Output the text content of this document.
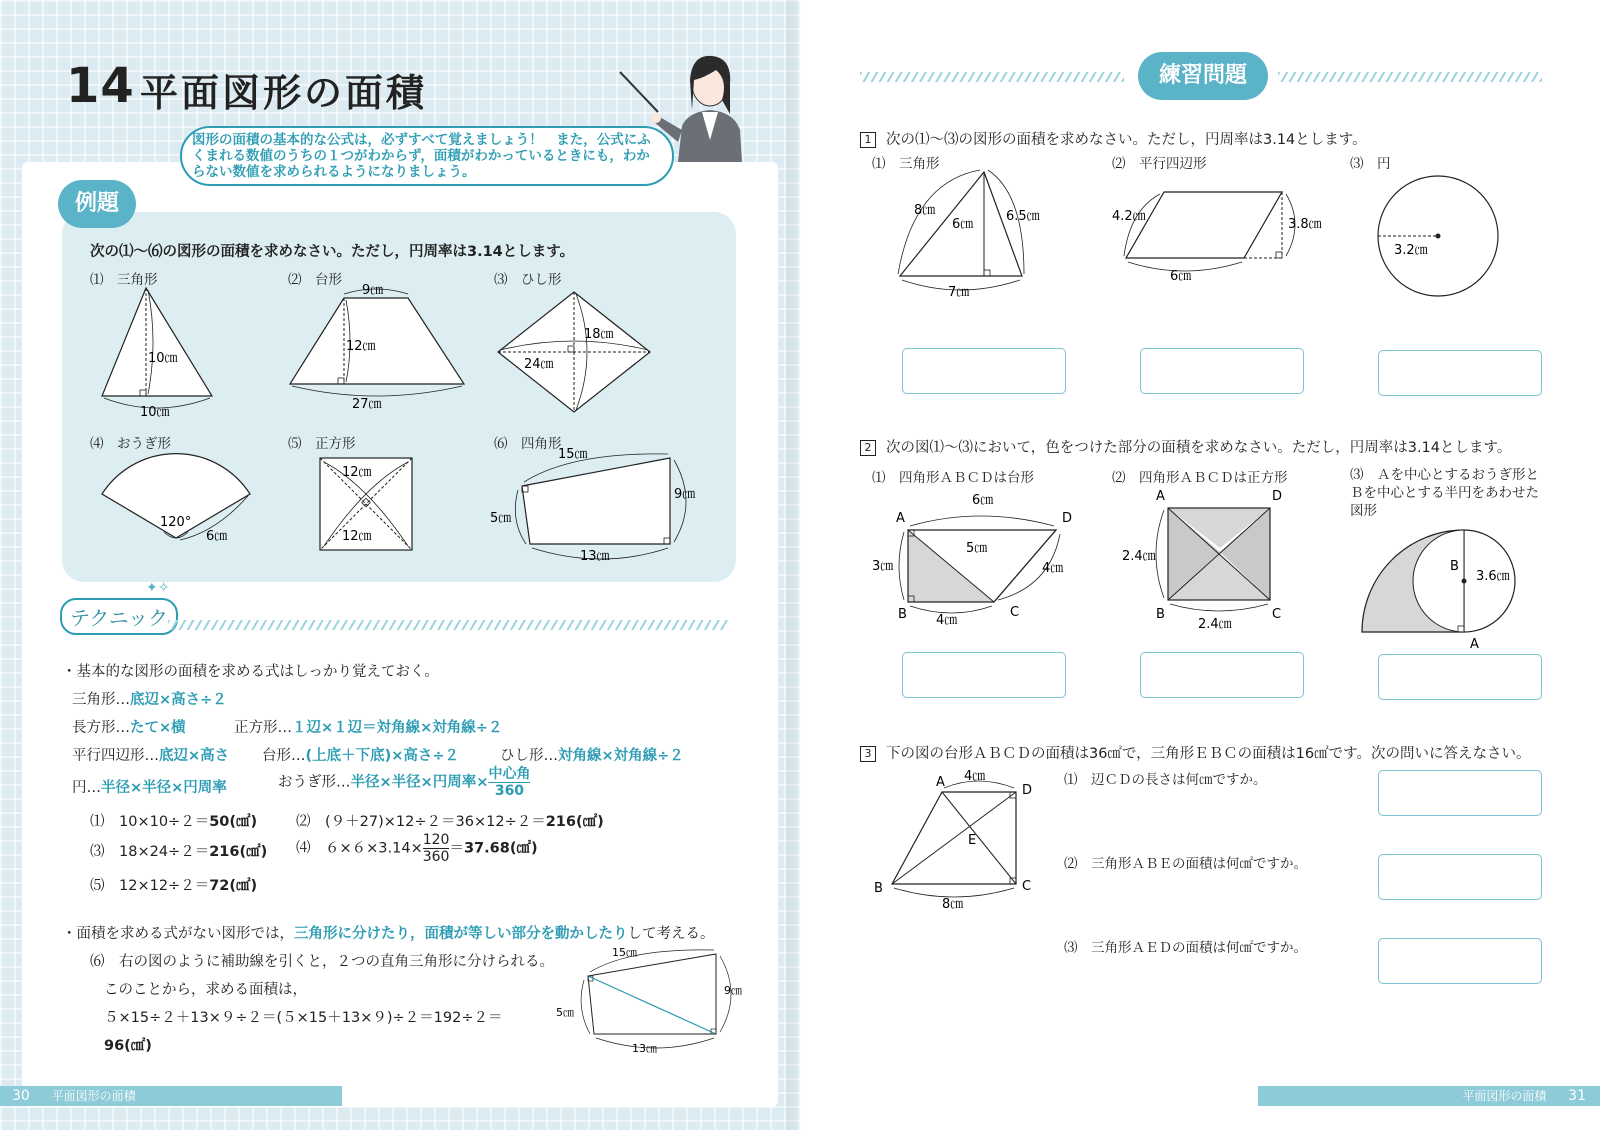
14 平面図形の面積
図形の面積の基本的な公式は，必ずすべて覚えましょう！　また，公式にふくまれる数値のうちの１つがわからず，面積がわかっているときにも，わからない数値を求められるようになりましょう。
例題
次の⑴～⑹の図形の面積を求めなさい。ただし，円周率は3.14とします。
⑴　 三角形	⑵　 台形	⑶　 ひし形
⑷　 おうぎ形	⑸　 正方形	⑹　 四角形
10㎝
10㎝
9㎝
12㎝
27㎝
18㎝
24㎝
120°
6㎝
12㎝
12㎝
15㎝
9㎝
5㎝
13㎝
テクニック
✦✧
・基本的な図形の面積を求める式はしっかり覚えておく。
三角形…底辺×高さ÷２
長方形…たて×横	正方形…１辺×１辺＝対角線×対角線÷２
平行四辺形…底辺×高さ 台形…(上底＋下底)×高さ÷２	ひし形…対角線×対角線÷２
円…半径×半径×円周率	おうぎ形…半径×半径×円周率× $\frac{\text{中心角}}{360}$
⑴　 10×10÷２＝50(㎠)	⑵　 (９＋27)×12÷２＝36×12÷２＝216(㎠)
⑶　 18×24÷２＝216(㎠) ⑷　 $6\times 6\times 3.14\times \frac{120}{360}$ ＝37.68(㎠)
⑸　 12×12÷２＝72(㎠)
・面積を求める式がない図形では，三角形に分けたり，面積が等しい部分を動かしたりして考える。
⑹　 右の図のように補助線を引くと，２つの直角三角形に分けられる。
このことから，求める面積は，
５×15÷２＋13×９÷２＝(５×15＋13×９)÷２＝192÷２＝
96(㎠)
15㎝
9㎝
5㎝
13㎝
30 平面図形の面積
練習問題
1 次の⑴～⑶の図形の面積を求めなさい。ただし，円周率は3.14とします。
⑴　 三角形	⑵　 平行四辺形	⑶　 円
8㎝
6㎝
6.5㎝
7㎝
4.2㎝
3.8㎝
6㎝
3.2㎝
2 次の図⑴～⑶において，色をつけた部分の面積を求めなさい。ただし，円周率は3.14とします。
⑴　 四角形ＡＢＣＤは台形	⑵　 四角形ＡＢＣＤは正方形	⑶　 Ａを中心とするおうぎ形とＢを中心とする半円をあわせた図形
6㎝
A	D
5㎝
3㎝	4㎝
B	C
4㎝
A	D
2.4㎝
B	C
2.4㎝
B
3.6㎝
A
3 下の図の台形ＡＢＣＤの面積は36㎠で，三角形ＥＢＣの面積は16㎠です。次の問いに答えなさい。
A 4㎝
D
E
B	C
8㎝
⑴　 辺ＣＤの長さは何㎝ですか。
⑵　 三角形ＡＢＥの面積は何㎠ですか。
⑶　 三角形ＡＥＤの面積は何㎠ですか。
平面図形の面積 31
